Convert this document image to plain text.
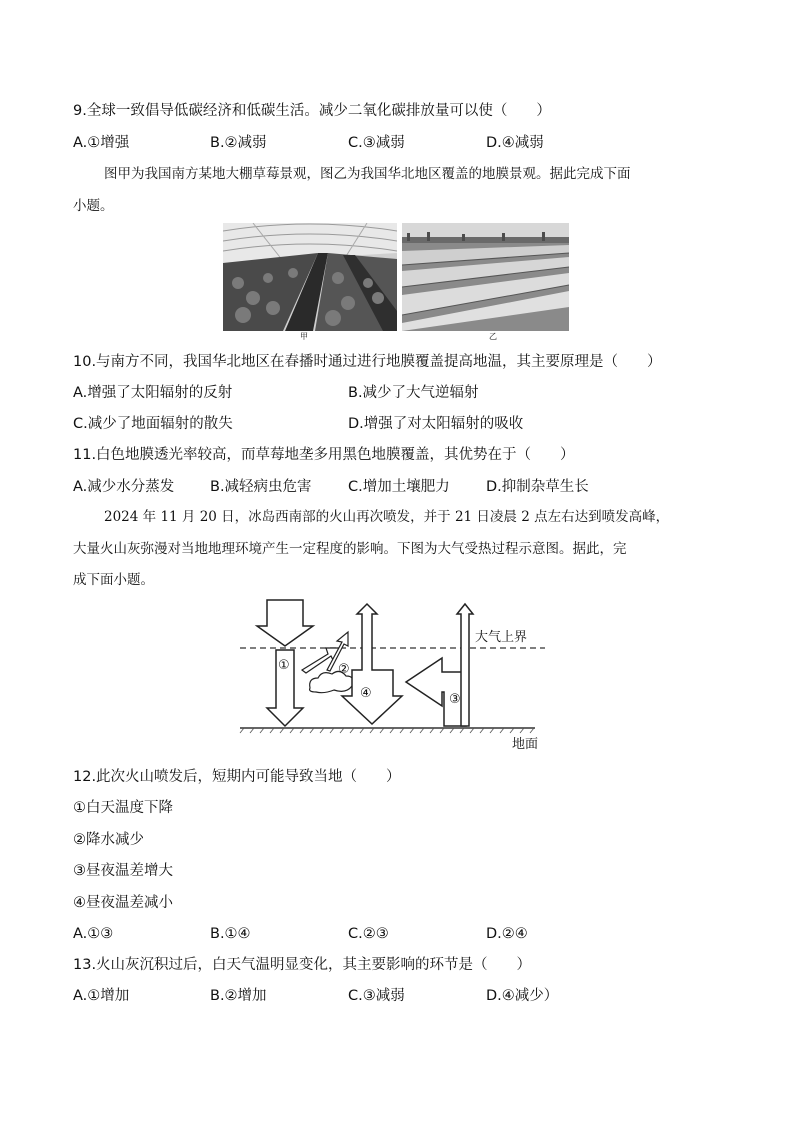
9.全球一致倡导低碳经济和低碳生活。减少二氧化碳排放量可以使（　　）
A.①增强	B.②减弱	C.③减弱	D.④减弱
图甲为我国南方某地大棚草莓景观，图乙为我国华北地区覆盖的地膜景观。据此完成下面
小题。
甲	乙
10.与南方不同，我国华北地区在春播时通过进行地膜覆盖提高地温，其主要原理是（　　）
A.增强了太阳辐射的反射	B.减少了大气逆辐射
C.减少了地面辐射的散失	D.增强了对太阳辐射的吸收
11.白色地膜透光率较高，而草莓地垄多用黑色地膜覆盖，其优势在于（　　）
A.减少水分蒸发 B.减轻病虫危害	C.增加土壤肥力	D.抑制杂草生长
2024 年 11 月 20 日，冰岛西南部的火山再次喷发，并于 21 日凌晨 2 点左右达到喷发高峰，
大量火山灰弥漫对当地地理环境产生一定程度的影响。下图为大气受热过程示意图。据此，完
成下面小题。
大气上界
地面
①	②
④	③
12.此次火山喷发后，短期内可能导致当地（　　）
①白天温度下降
②降水减少
③昼夜温差增大
④昼夜温差减小
A.①③	B.①④	C.②③	D.②④
13.火山灰沉积过后，白天气温明显变化，其主要影响的环节是（　　）
A.①增加	B.②增加	C.③减弱	D.④减少）
